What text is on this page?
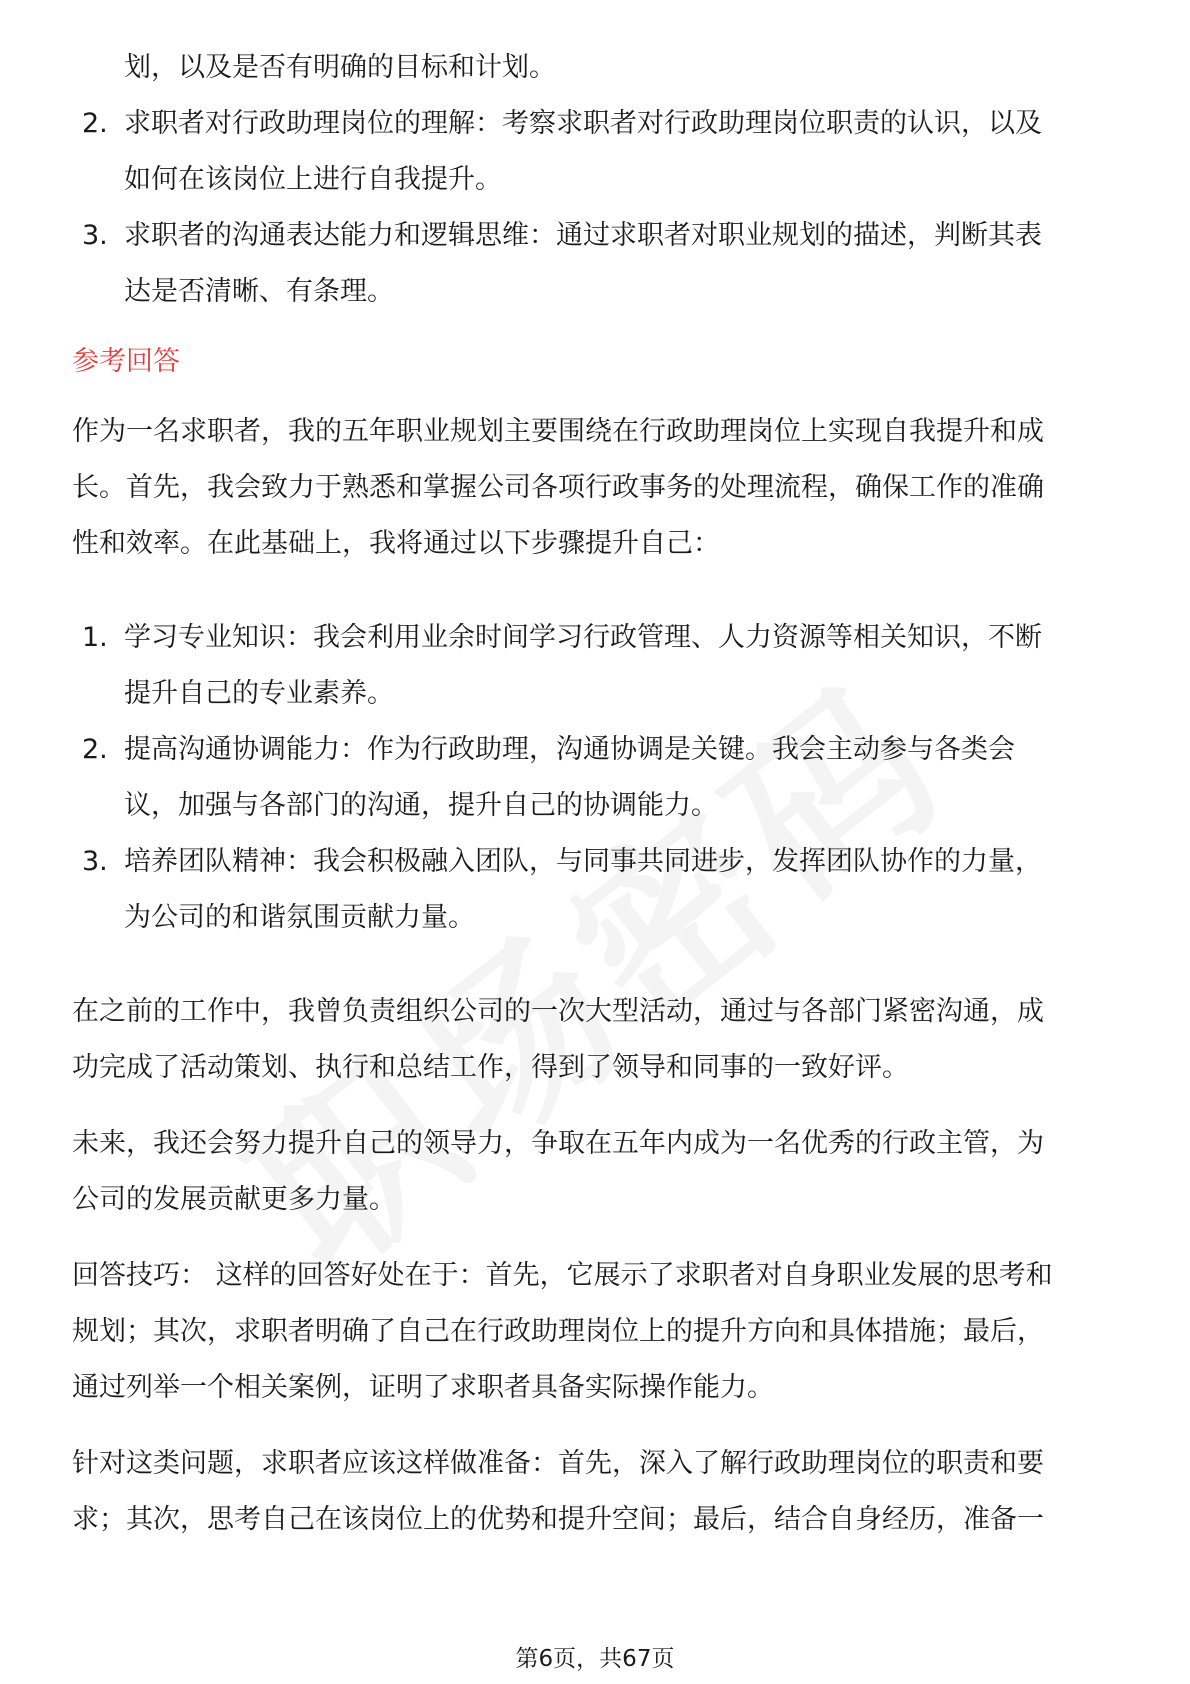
划，以及是否有明确的目标和计划。
2. 求职者对行政助理岗位的理解：考察求职者对行政助理岗位职责的认识，以及
如何在该岗位上进行自我提升。
3. 求职者的沟通表达能力和逻辑思维：通过求职者对职业规划的描述，判断其表
达是否清晰、有条理。
参考回答
作为一名求职者，我的五年职业规划主要围绕在行政助理岗位上实现自我提升和成
长。首先，我会致力于熟悉和掌握公司各项行政事务的处理流程，确保工作的准确
性和效率。在此基础上，我将通过以下步骤提升自己：
1. 学习专业知识：我会利用业余时间学习行政管理、人力资源等相关知识，不断
提升自己的专业素养。
2. 提高沟通协调能力：作为行政助理，沟通协调是关键。我会主动参与各类会
议，加强与各部门的沟通，提升自己的协调能力。
3. 培养团队精神：我会积极融入团队，与同事共同进步，发挥团队协作的力量，
为公司的和谐氛围贡献力量。
在之前的工作中，我曾负责组织公司的一次大型活动，通过与各部门紧密沟通，成
功完成了活动策划、执行和总结工作，得到了领导和同事的一致好评。
未来，我还会努力提升自己的领导力，争取在五年内成为一名优秀的行政主管，为
公司的发展贡献更多力量。
回答技巧： 这样的回答好处在于：首先，它展示了求职者对自身职业发展的思考和
规划；其次，求职者明确了自己在行政助理岗位上的提升方向和具体措施；最后，
通过列举一个相关案例，证明了求职者具备实际操作能力。
针对这类问题，求职者应该这样做准备：首先，深入了解行政助理岗位的职责和要
求；其次，思考自己在该岗位上的优势和提升空间；最后，结合自身经历，准备一
第6页，共67页
